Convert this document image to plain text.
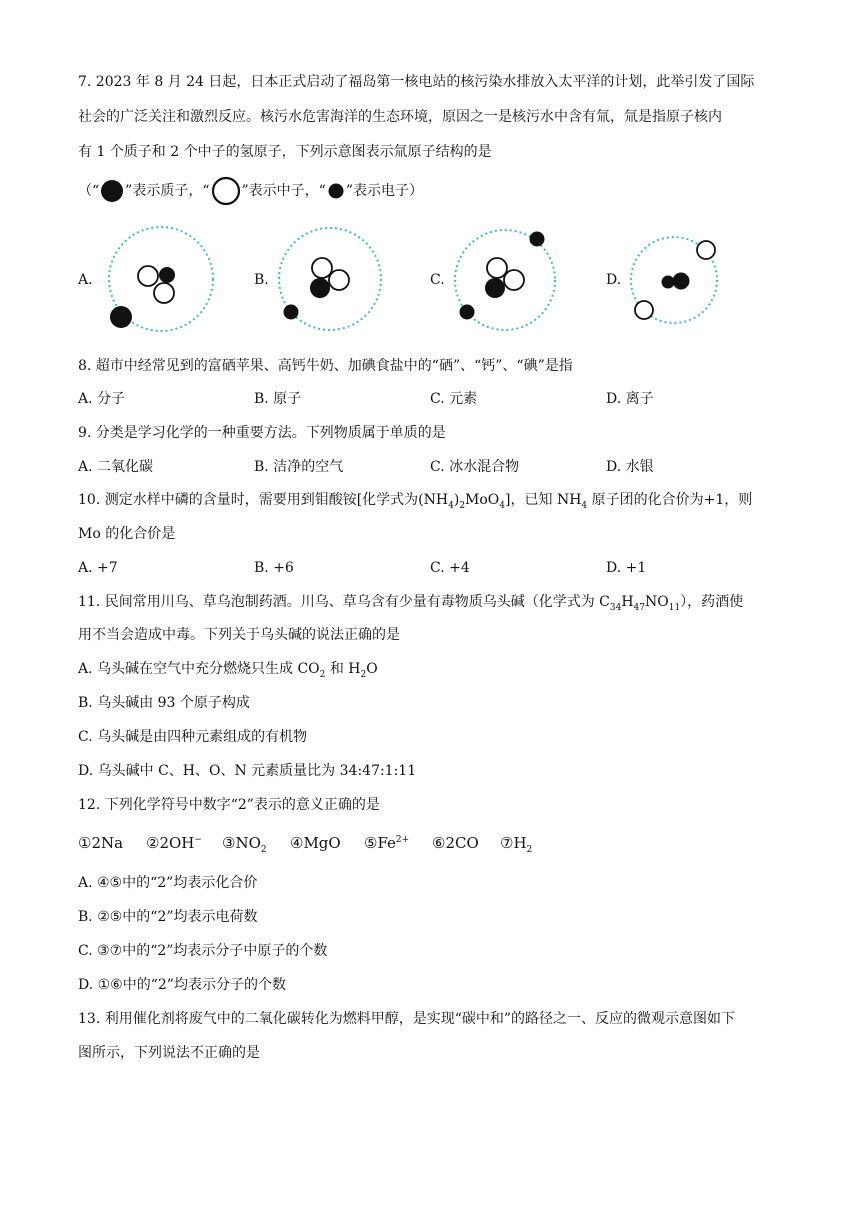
7. 2023 年 8 月 24 日起，日本正式启动了福岛第一核电站的核污染水排放入太平洋的计划，此举引发了国际
社会的广泛关注和激烈反应。核污水危害海洋的生态环境，原因之一是核污水中含有氚，氚是指原子核内
有 1 个质子和 2 个中子的氢原子，下列示意图表示氚原子结构的是
（“ ”表示质子，“ ”表示中子，“ ”表示电子）
A.	B.	C.	D.
8. 超市中经常见到的富硒苹果、高钙牛奶、加碘食盐中的“硒”、“钙”、“碘”是指
A. 分子	B. 原子	C. 元素	D. 离子
9. 分类是学习化学的一种重要方法。下列物质属于单质的是
A. 二氧化碳	B. 洁净的空气	C. 冰水混合物	D. 水银
10. 测定水样中磷的含量时，需要用到钼酸铵[化学式为$(NH_4)_2MoO_4$]，已知 $NH_4$ 原子团的化合价为+1，则
Mo 的化合价是
A. +7	B. +6	C. +4	D. +1
11. 民间常用川乌、草乌泡制药酒。川乌、草乌含有少量有毒物质乌头碱（化学式为 $C_{34}H_{47}NO_{11}$），药酒使
用不当会造成中毒。下列关于乌头碱的说法正确的是
A. 乌头碱在空气中充分燃烧只生成 $CO_2$ 和 $H_2O$
B. 乌头碱由 93 个原子构成
C. 乌头碱是由四种元素组成的有机物
D. 乌头碱中 C、H、O、N 元素质量比为 34:47:1:11
12. 下列化学符号中数字“2”表示的意义正确的是
①2Na ②2OH− $③NO_2$ ④MgO $⑤Fe^{2+}$ ⑥2CO $⑦H_2$
A. ④⑤中的“2”均表示化合价
B. ②⑤中的“2”均表示电荷数
C. ③⑦中的“2”均表示分子中原子的个数
D. ①⑥中的“2”均表示分子的个数
13. 利用催化剂将废气中的二氧化碳转化为燃料甲醇，是实现“碳中和”的路径之一、反应的微观示意图如下
图所示，下列说法不正确的是
